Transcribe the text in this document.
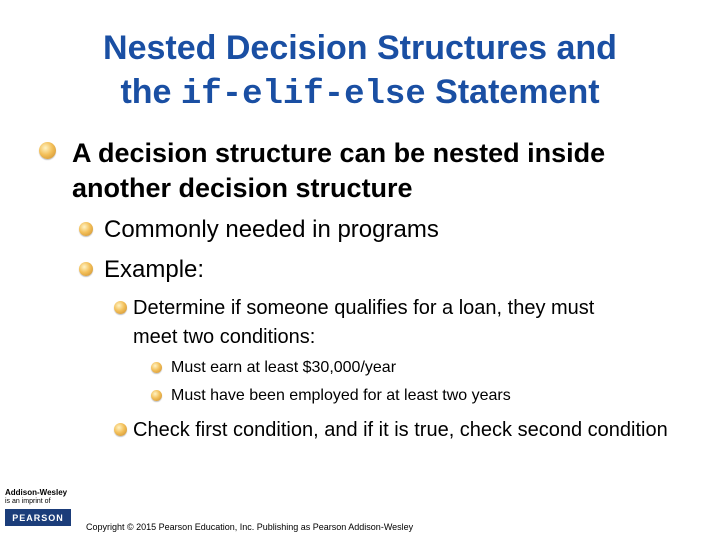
Nested Decision Structures and
the if-elif-else Statement
A decision structure can be nested inside another decision structure
Commonly needed in programs
Example:
Determine if someone qualifies for a loan, they must meet two conditions:
Must earn at least $30,000/year
Must have been employed for at least two years
Check first condition, and if it is true, check second condition
Addison-Wesley
is an imprint of
PEARSON
Copyright © 2015 Pearson Education, Inc. Publishing as Pearson Addison-Wesley
